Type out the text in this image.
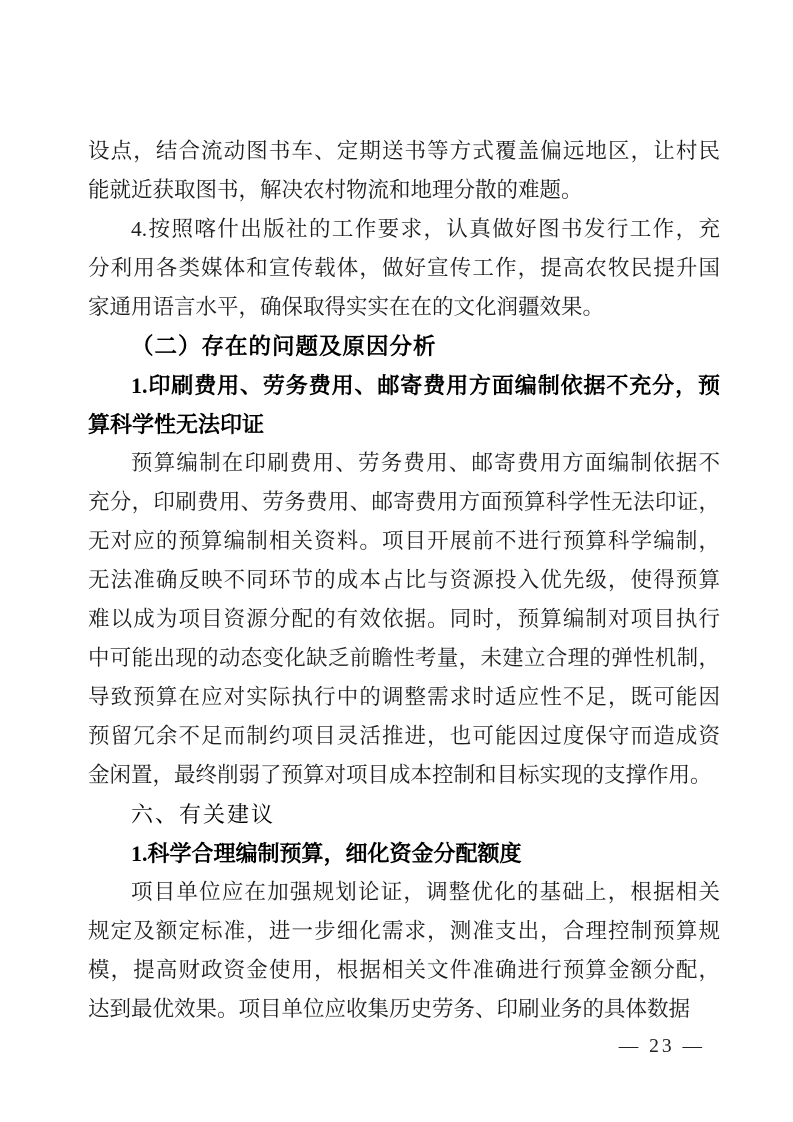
设点，结合流动图书车、定期送书等方式覆盖偏远地区，让村民
能就近获取图书，解决农村物流和地理分散的难题。
4.按照喀什出版社的工作要求，认真做好图书发行工作，充
分利用各类媒体和宣传载体，做好宣传工作，提高农牧民提升国
家通用语言水平，确保取得实实在在的文化润疆效果。
（二）存在的问题及原因分析
1.印刷费用、劳务费用、邮寄费用方面编制依据不充分，预
算科学性无法印证
预算编制在印刷费用、劳务费用、邮寄费用方面编制依据不
充分，印刷费用、劳务费用、邮寄费用方面预算科学性无法印证，
无对应的预算编制相关资料。项目开展前不进行预算科学编制，
无法准确反映不同环节的成本占比与资源投入优先级，使得预算
难以成为项目资源分配的有效依据。同时，预算编制对项目执行
中可能出现的动态变化缺乏前瞻性考量，未建立合理的弹性机制，
导致预算在应对实际执行中的调整需求时适应性不足，既可能因
预留冗余不足而制约项目灵活推进，也可能因过度保守而造成资
金闲置，最终削弱了预算对项目成本控制和目标实现的支撑作用。
六、有关建议
1.科学合理编制预算，细化资金分配额度
项目单位应在加强规划论证，调整优化的基础上，根据相关
规定及额定标准，进一步细化需求，测准支出，合理控制预算规
模，提高财政资金使用，根据相关文件准确进行预算金额分配，
达到最优效果。项目单位应收集历史劳务、印刷业务的具体数据
— 23 —
